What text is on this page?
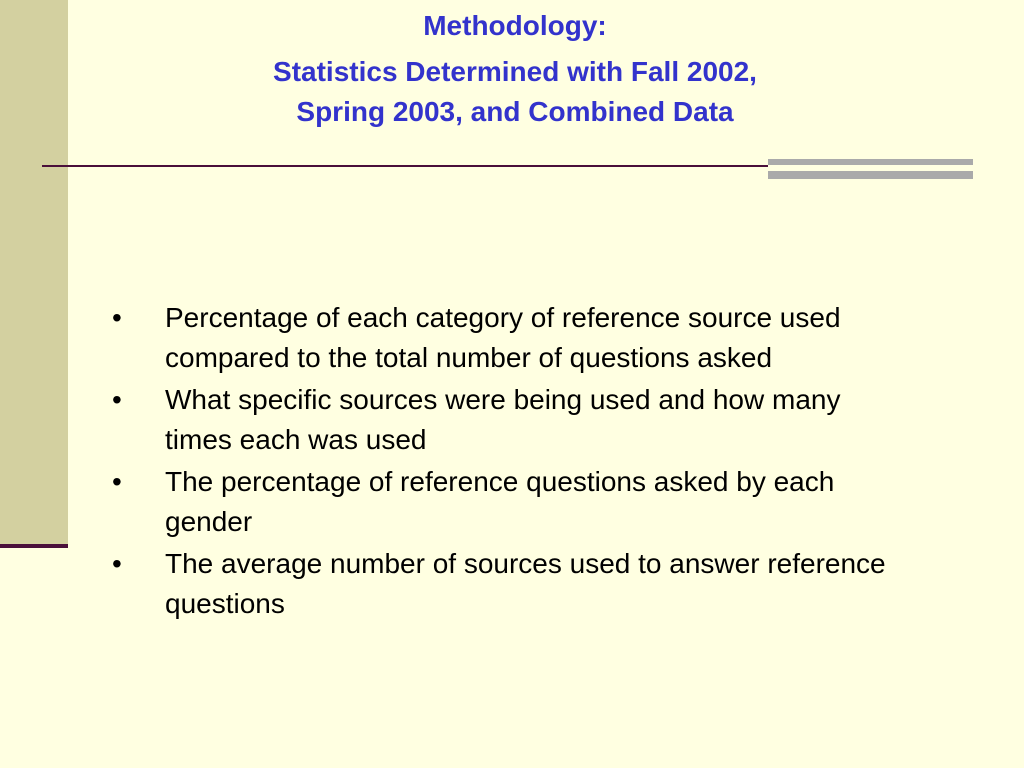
Methodology:

Statistics Determined with Fall 2002,
Spring 2003, and Combined Data

• Percentage of each category of reference source used compared to the total number of questions asked
• What specific sources were being used and how many times each was used
• The percentage of reference questions asked by each gender
• The average number of sources used to answer reference questions
